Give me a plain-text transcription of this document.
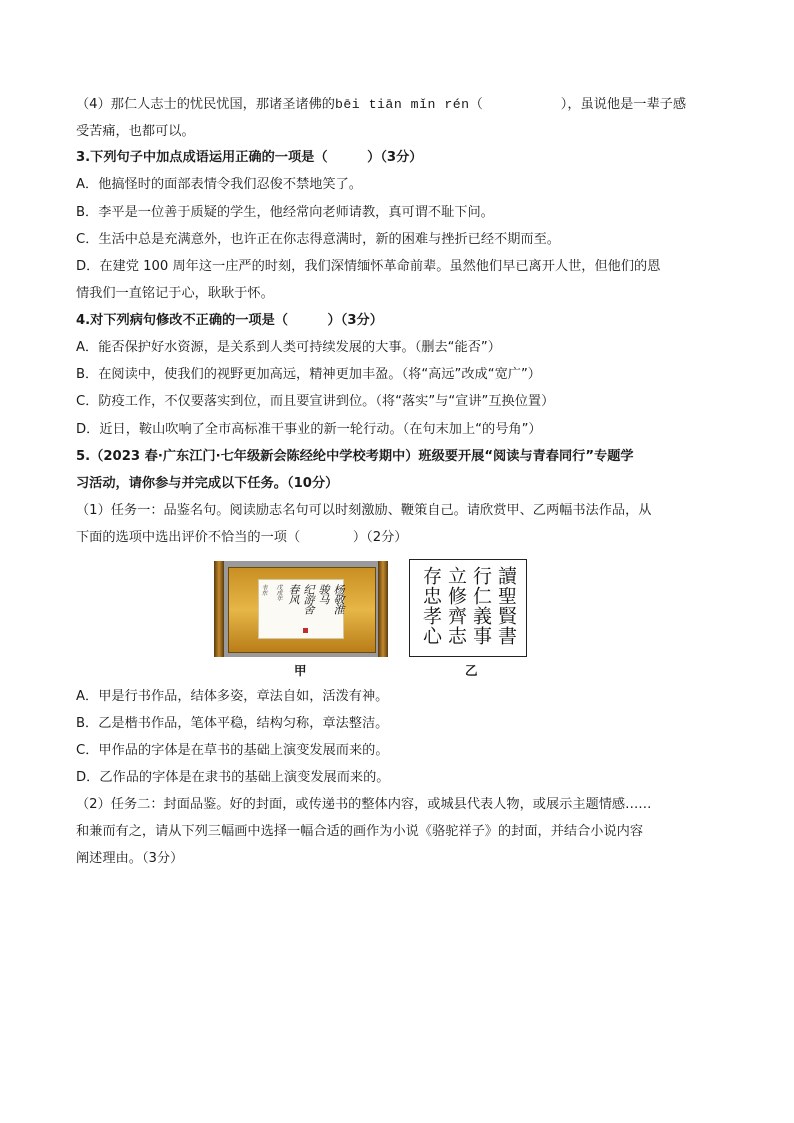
（4）那仁人志士的忧民忧国，那诸圣诸佛的bēi tiān mǐn rén（	），虽说他是一辈子感
受苦痛，也都可以。
3.下列句子中加点成语运用正确的一项是（　　　）（3分）
A．他搞怪时的面部表情令我们忍俊不禁地笑了。
B．李平是一位善于质疑的学生，他经常向老师请教，真可谓不耻下问。
C．生活中总是充满意外，也许正在你志得意满时，新的困难与挫折已经不期而至。
D．在建党 100 周年这一庄严的时刻，我们深情缅怀革命前辈。虽然他们早已离开人世，但他们的恩
情我们一直铭记于心，耿耿于怀。
4.对下列病句修改不正确的一项是（　　　）（3分）
A．能否保护好水资源，是关系到人类可持续发展的大事。（删去“能否”）
B．在阅读中，使我们的视野更加高远，精神更加丰盈。（将“高远”改成“宽广”）
C．防疫工作，不仅要落实到位，而且要宣讲到位。（将“落实”与“宣讲”互换位置）
D．近日，鞍山吹响了全市高标准干事业的新一轮行动。（在句末加上“的号角”）
5.（2023 春·广东江门·七年级新会陈经纶中学校考期中）班级要开展“阅读与青春同行”专题学
习活动，请你参与并完成以下任务。（10分）
（1）任务一：品鉴名句。阅读励志名句可以时刻激励、鞭策自己。请欣赏甲、乙两幅书法作品，从
下面的选项中选出评价不恰当的一项（　　　　）（2分）
杨敬淮
骏马
纪游舍
春风
戊戌年
韦东
甲
讀聖賢書
行仁義事
立修齊志
存忠孝心
乙
A．甲是行书作品，结体多姿，章法自如，活泼有神。
B．乙是楷书作品，笔体平稳，结构匀称，章法整洁。
C．甲作品的字体是在草书的基础上演变发展而来的。
D．乙作品的字体是在隶书的基础上演变发展而来的。
（2）任务二：封面品鉴。好的封面，或传递书的整体内容，或城县代表人物，或展示主题情感……
和兼而有之，请从下列三幅画中选择一幅合适的画作为小说《骆驼祥子》的封面，并结合小说内容
阐述理由。（3分）
